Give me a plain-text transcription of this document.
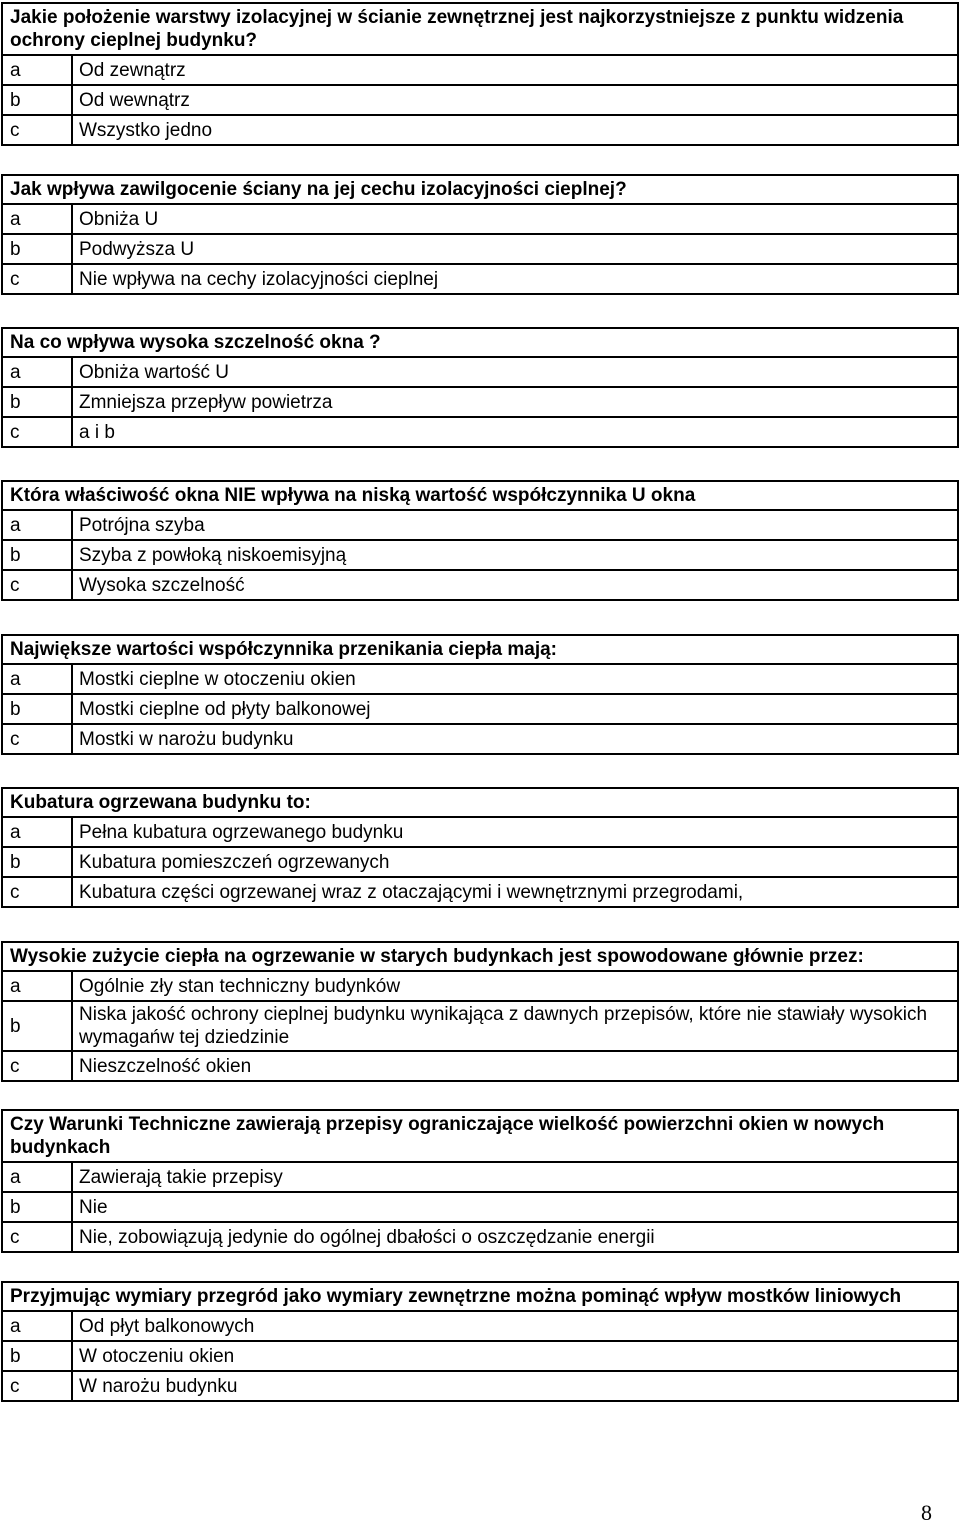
Jakie położenie warstwy izolacyjnej w ścianie zewnętrznej jest najkorzystniejsze z punktu widzenia ochrony cieplnej budynku?	
a	Od zewnątrz
b	Od wewnątrz
c	Wszystko jedno
Jak wpływa zawilgocenie ściany na jej cechu izolacyjności cieplnej?	
a	Obniża U
b	Podwyższa U
c	Nie wpływa na cechy izolacyjności cieplnej
Na co wpływa wysoka szczelność okna ?	
a	Obniża wartość U
b	Zmniejsza przepływ powietrza
c	a i b
Która właściwość okna NIE wpływa na niską wartość współczynnika U okna	
a	Potrójna szyba
b	Szyba z powłoką niskoemisyjną
c	Wysoka szczelność
Największe wartości współczynnika przenikania ciepła mają:	
a	Mostki cieplne w otoczeniu okien
b	Mostki cieplne od płyty balkonowej
c	Mostki w narożu budynku
Kubatura ogrzewana budynku to:	
a	Pełna kubatura ogrzewanego budynku
b	Kubatura pomieszczeń ogrzewanych
c	Kubatura części ogrzewanej wraz z otaczającymi i wewnętrznymi przegrodami,
Wysokie zużycie ciepła na ogrzewanie w starych budynkach jest spowodowane głównie przez:	
a	Ogólnie zły stan techniczny budynków
b	Niska jakość ochrony cieplnej budynku wynikająca z dawnych przepisów, które nie stawiały wysokich wymagańw tej dziedzinie
c	Nieszczelność okien
Czy Warunki Techniczne zawierają przepisy ograniczające wielkość powierzchni okien w nowych budynkach	
a	Zawierają takie przepisy
b	Nie
c	Nie, zobowiązują jedynie do ogólnej dbałości o oszczędzanie energii
Przyjmując wymiary przegród jako wymiary zewnętrzne można pominąć wpływ mostków liniowych	
a	Od płyt balkonowych
b	W otoczeniu okien
c	W narożu budynku
8
